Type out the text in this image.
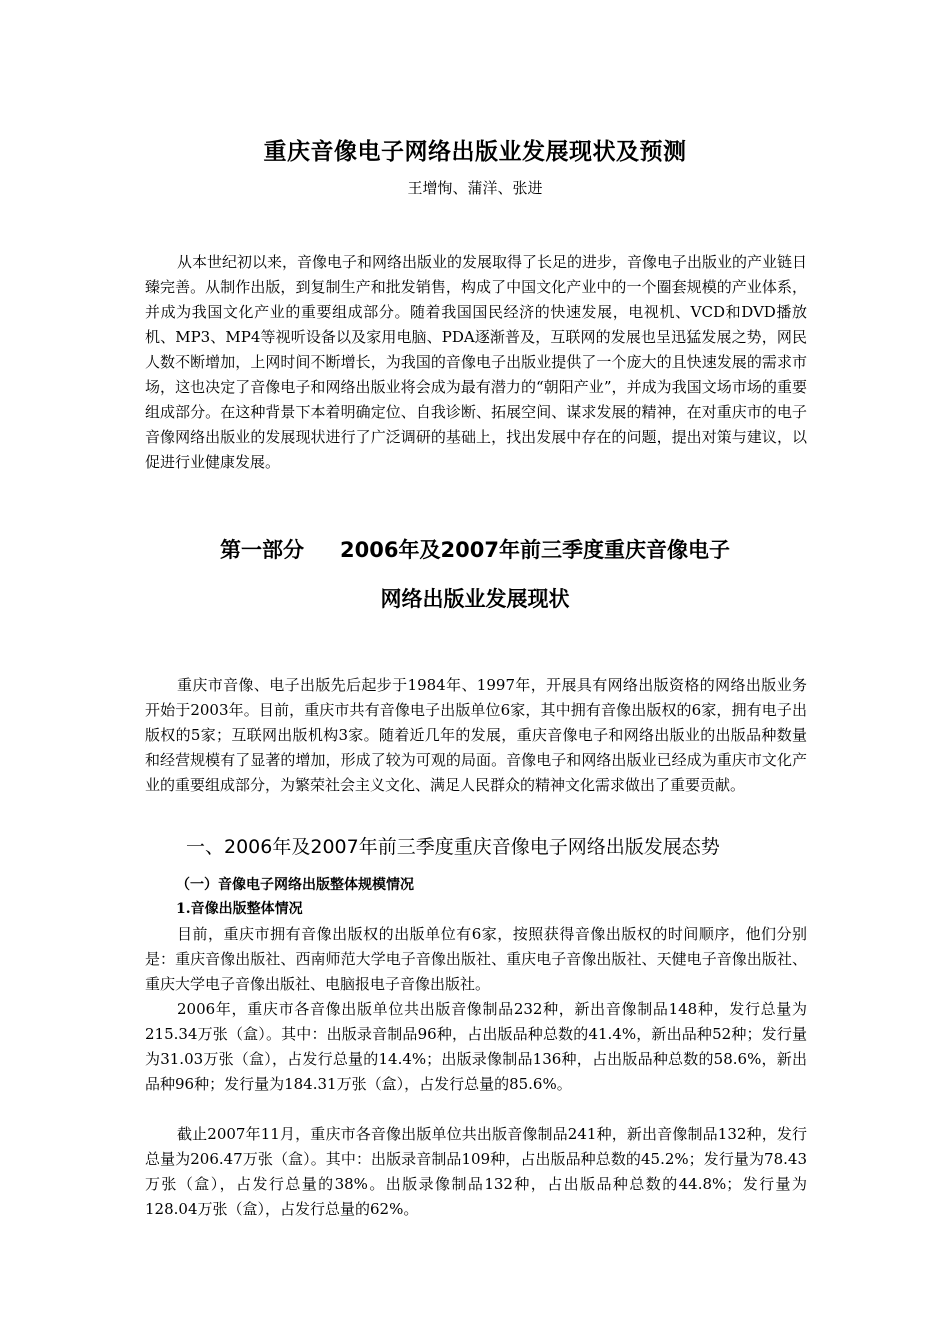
重庆音像电子网络出版业发展现状及预测
王增恂、蒲洋、张进

从本世纪初以来，音像电子和网络出版业的发展取得了长足的进步，音像电子出版业的产业链日臻完善。从制作出版，到复制生产和批发销售，构成了中国文化产业中的一个圈套规模的产业体系，并成为我国文化产业的重要组成部分。随着我国国民经济的快速发展，电视机、VCD和DVD播放机、MP3、MP4等视听设备以及家用电脑、PDA逐渐普及，互联网的发展也呈迅猛发展之势，网民人数不断增加，上网时间不断增长，为我国的音像电子出版业提供了一个庞大的且快速发展的需求市场，这也决定了音像电子和网络出版业将会成为最有潜力的“朝阳产业”，并成为我国文场市场的重要组成部分。在这种背景下本着明确定位、自我诊断、拓展空间、谋求发展的精神，在对重庆市的电子音像网络出版业的发展现状进行了广泛调研的基础上，找出发展中存在的问题，提出对策与建议，以促进行业健康发展。

第一部分 2006年及2007年前三季度重庆音像电子
网络出版业发展现状

重庆市音像、电子出版先后起步于1984年、1997年，开展具有网络出版资格的网络出版业务开始于2003年。目前，重庆市共有音像电子出版单位6家，其中拥有音像出版权的6家，拥有电子出版权的5家；互联网出版机构3家。随着近几年的发展，重庆音像电子和网络出版业的出版品种数量和经营规模有了显著的增加，形成了较为可观的局面。音像电子和网络出版业已经成为重庆市文化产业的重要组成部分，为繁荣社会主义文化、满足人民群众的精神文化需求做出了重要贡献。

一、2006年及2007年前三季度重庆音像电子网络出版发展态势
（一）音像电子网络出版整体规模情况
1.音像出版整体情况

目前，重庆市拥有音像出版权的出版单位有6家，按照获得音像出版权的时间顺序，他们分别是：重庆音像出版社、西南师范大学电子音像出版社、重庆电子音像出版社、天健电子音像出版社、重庆大学电子音像出版社、电脑报电子音像出版社。

2006年，重庆市各音像出版单位共出版音像制品232种，新出音像制品148种，发行总量为215.34万张（盒）。其中：出版录音制品96种，占出版品种总数的41.4%，新出品种52种；发行量为31.03万张（盒），占发行总量的14.4%；出版录像制品136种，占出版品种总数的58.6%，新出品种96种；发行量为184.31万张（盒），占发行总量的85.6%。

截止2007年11月，重庆市各音像出版单位共出版音像制品241种，新出音像制品132种，发行总量为206.47万张（盒）。其中：出版录音制品109种，占出版品种总数的45.2%；发行量为78.43万张（盒），占发行总量的38%。出版录像制品132种，占出版品种总数的44.8%；发行量为128.04万张（盒），占发行总量的62%。
